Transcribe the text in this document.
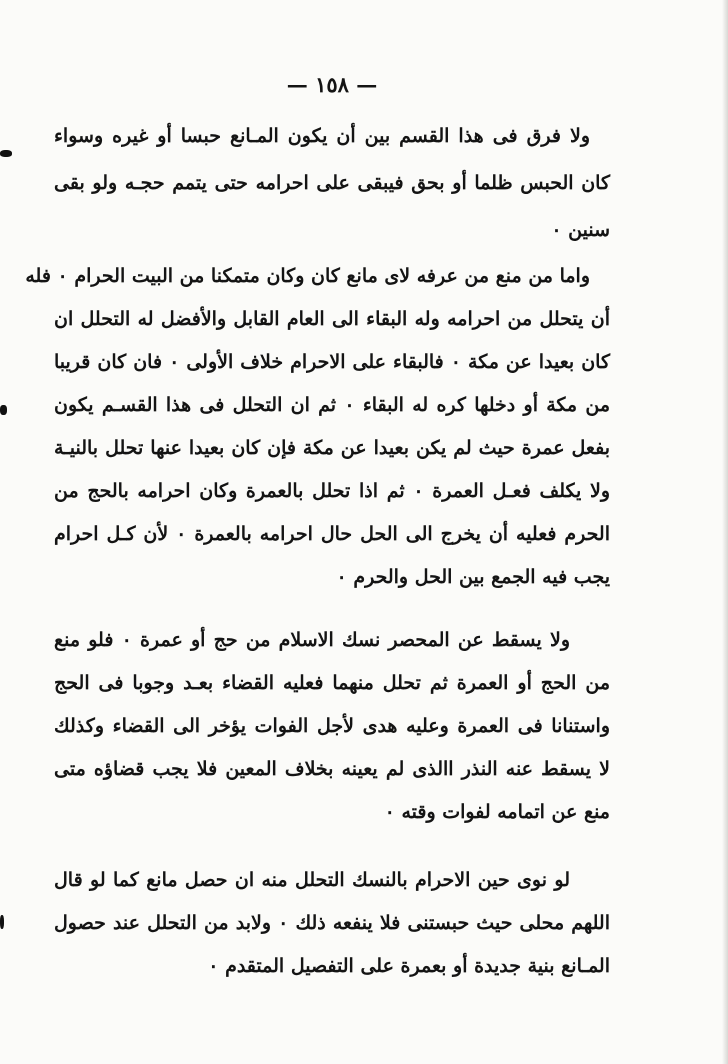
— ١٥٨ —
ولا فرق فى هذا القسم بين أن يكون المـانع حبسا أو غيره وسواء
كان الحبس ظلما أو بحق فيبقى على احرامه حتى يتمم حجـه ولو بقى
سنين ٠
واما من منع من عرفه لاى مانع كان وكان متمكنا من البيت الحرام ٠ فله
أن يتحلل من احرامه وله البقاء الى العام القابل والأفضل له التحلل ان
كان بعيدا عن مكة ٠ فالبقاء على الاحرام خلاف الأولى ٠ فان كان قريبا
من مكة أو دخلها كره له البقاء ٠ ثم ان التحلل فى هذا القسـم يكون
بفعل عمرة حيث لم يكن بعيدا عن مكة فإن كان بعيدا عنها تحلل بالنيـة
ولا يكلف فعـل العمرة ٠ ثم اذا تحلل بالعمرة وكان احرامه بالحج من
الحرم فعليه أن يخرج الى الحل حال احرامه بالعمرة ٠ لأن كـل احرام
يجب فيه الجمع بين الحل والحرم ٠
ولا يسقط عن المحصر نسك الاسلام من حج أو عمرة ٠ فلو منع
من الحج أو العمرة ثم تحلل منهما فعليه القضاء بعـد وجوبا فى الحج
واستنانا فى العمرة وعليه هدى لأجل الفوات يؤخر الى القضاء وكذلك
لا يسقط عنه النذر االذى لم يعينه بخلاف المعين فلا يجب قضاؤه متى
منع عن اتمامه لفوات وقته ٠
لو نوى حين الاحرام بالنسك التحلل منه ان حصل مانع كما لو قال
اللهم محلى حيث حبستنى فلا ينفعه ذلك ٠ ولابد من التحلل عند حصول
المـانع بنية جديدة أو بعمرة على التفصيل المتقدم ٠
